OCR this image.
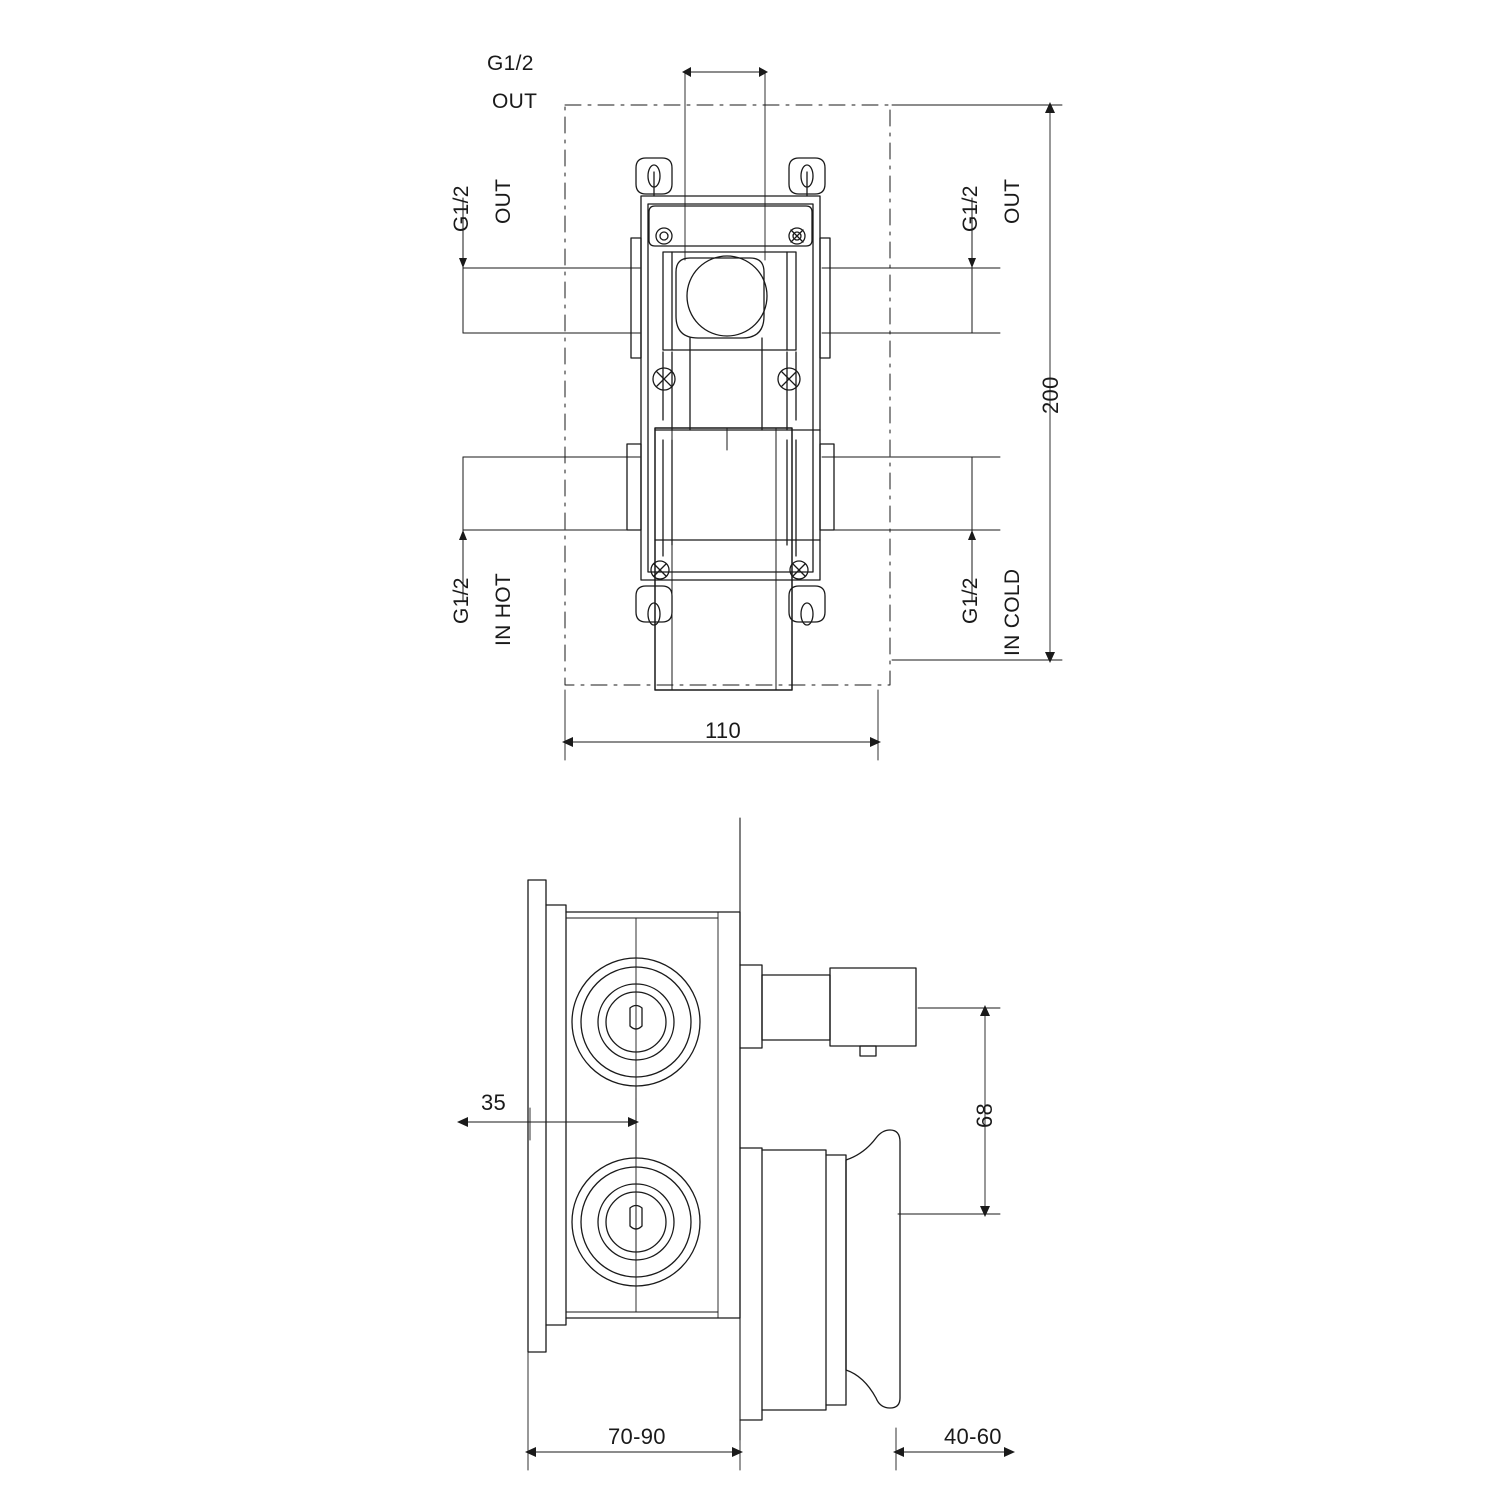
G1/2
OUT
G1/2 OUT
G1/2 IN HOT
G1/2 OUT
G1/2 IN COLD
200
110
35
68
70-90	40-60
